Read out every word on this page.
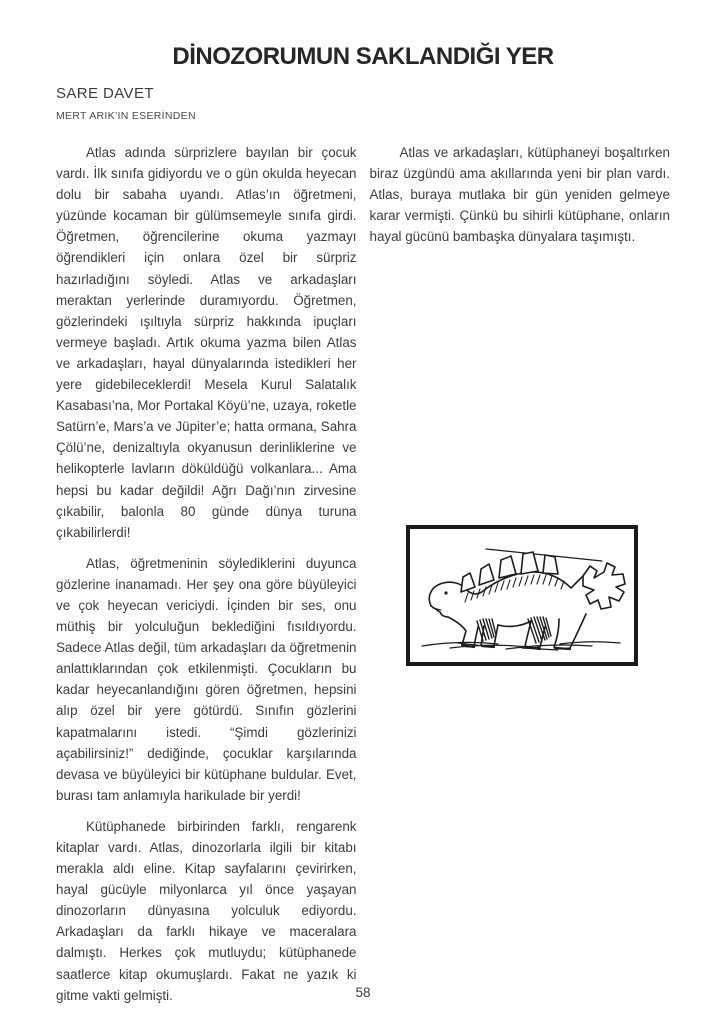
DİNOZORUMUN SAKLANDIĞI YER
SARE DAVET
MERT ARIK’IN ESERİNDEN

Atlas adında sürprizlere bayılan bir çocuk vardı. İlk sınıfa gidiyordu ve o gün okulda heyecan dolu bir sabaha uyandı. Atlas’ın öğretmeni, yüzünde kocaman bir gülümsemeyle sınıfa girdi. Öğretmen, öğrencilerine okuma yazmayı öğrendikleri için onlara özel bir sürpriz hazırladığını söyledi. Atlas ve arkadaşları meraktan yerlerinde duramıyordu. Öğretmen, gözlerindeki ışıltıyla sürpriz hakkında ipuçları vermeye başladı. Artık okuma yazma bilen Atlas ve arkadaşları, hayal dünyalarında istedikleri her yere gidebileceklerdi! Mesela Kurul Salatalık Kasabası’na, Mor Portakal Köyü’ne, uzaya, roketle Satürn’e, Mars’a ve Jüpiter’e; hatta ormana, Sahra Çölü’ne, denizaltıyla okyanusun derinliklerine ve helikopterle lavların döküldüğü volkanlara... Ama hepsi bu kadar değildi! Ağrı Dağı’nın zirvesine çıkabilir, balonla 80 günde dünya turuna çıkabilirlerdi!

Atlas, öğretmeninin söylediklerini duyunca gözlerine inanamadı. Her şey ona göre büyüleyici ve çok heyecan vericiydi. İçinden bir ses, onu müthiş bir yolculuğun beklediğini fısıldıyordu. Sadece Atlas değil, tüm arkadaşları da öğretmenin anlattıklarından çok etkilenmişti. Çocukların bu kadar heyecanlandığını gören öğretmen, hepsini alıp özel bir yere götürdü. Sınıfın gözlerini kapatmalarını istedi. “Şimdi gözlerinizi açabilirsiniz!” dediğinde, çocuklar karşılarında devasa ve büyüleyici bir kütüphane buldular. Evet, burası tam anlamıyla harikulade bir yerdi!

Kütüphanede birbirinden farklı, rengarenk kitaplar vardı. Atlas, dinozorlarla ilgili bir kitabı merakla aldı eline. Kitap sayfalarını çevirirken, hayal gücüyle milyonlarca yıl önce yaşayan dinozorların dünyasına yolculuk ediyordu. Arkadaşları da farklı hikaye ve maceralara dalmıştı. Herkes çok mutluydu; kütüphanede saatlerce kitap okumuşlardı. Fakat ne yazık ki gitme vakti gelmişti.

Atlas ve arkadaşları, kütüphaneyi boşaltırken biraz üzgündü ama akıllarında yeni bir plan vardı. Atlas, buraya mutlaka bir gün yeniden gelmeye karar vermişti. Çünkü bu sihirli kütüphane, onların hayal gücünü bambaşka dünyalara taşımıştı.

58
